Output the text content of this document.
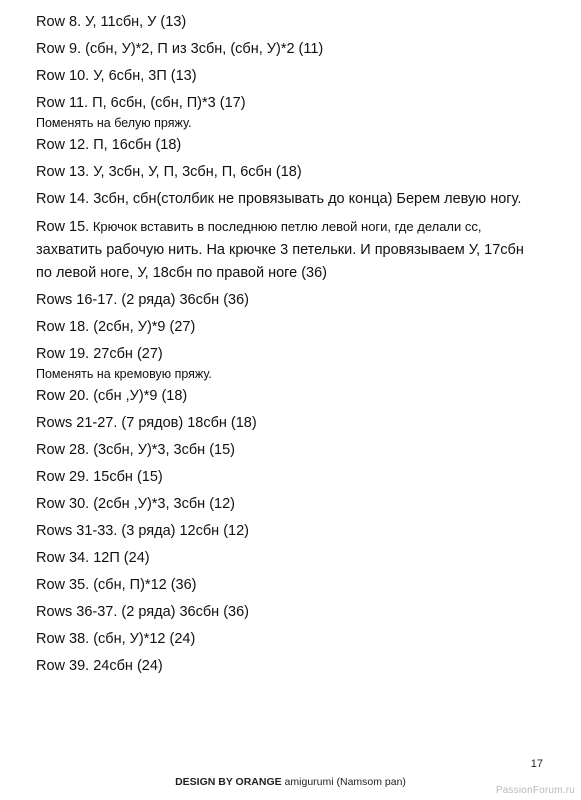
Row 8. У, 11сбн, У (13)
Row 9. (сбн, У)*2, П из 3сбн, (сбн, У)*2 (11)
Row 10. У, 6сбн, 3П (13)
Row 11. П, 6сбн, (сбн, П)*3 (17)
Поменять на белую пряжу.
Row 12. П, 16сбн (18)
Row 13. У, 3сбн, У, П, 3сбн, П, 6сбн (18)
Row 14. 3сбн, сбн(столбик не провязывать до конца) Берем левую ногу.
Row 15. Крючок вставить в последнюю петлю левой ноги, где делали сс,
захватить рабочую нить. На крючке 3 петельки. И провязываем У, 17сбн
по левой ноге, У, 18сбн по правой ноге (36)
Rows 16-17. (2 ряда) 36сбн (36)
Row 18. (2сбн, У)*9 (27)
Row 19. 27сбн (27)
Поменять на кремовую пряжу.
Row 20. (сбн ,У)*9 (18)
Rows 21-27. (7 рядов) 18сбн (18)
Row 28. (3сбн, У)*3, 3сбн (15)
Row 29. 15сбн (15)
Row 30. (2сбн ,У)*3, 3сбн (12)
Rows 31-33. (3 ряда) 12сбн (12)
Row 34. 12П (24)
Row 35. (сбн, П)*12 (36)
Rows 36-37. (2 ряда) 36сбн (36)
Row 38. (сбн, У)*12 (24)
Row 39. 24сбн (24)
17
DESIGN BY ORANGE amigurumi (Namsom pan)
PassionForum.ru
